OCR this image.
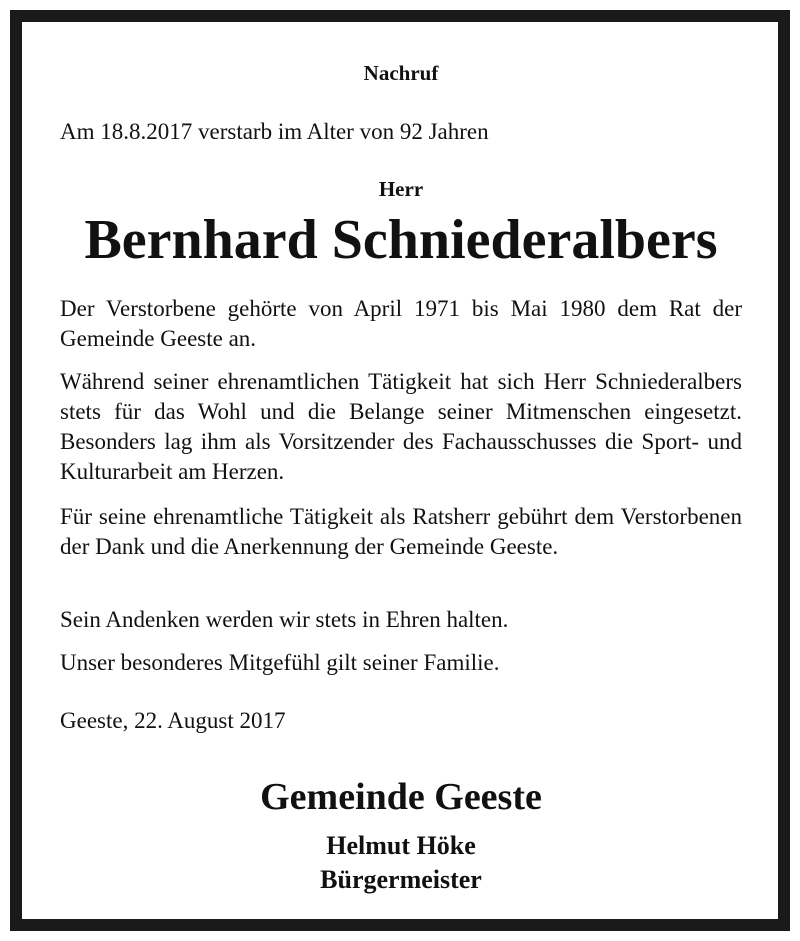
Nachruf
Am 18.8.2017 verstarb im Alter von 92 Jahren
Herr
Bernhard Schniederalbers

Der Verstorbene gehörte von April 1971 bis Mai 1980 dem Rat der Gemeinde Geeste an.

Während seiner ehrenamtlichen Tätigkeit hat sich Herr Schniederalbers stets für das Wohl und die Belange seiner Mitmenschen eingesetzt. Besonders lag ihm als Vorsitzender des Fachausschusses die Sport- und Kulturarbeit am Herzen.

Für seine ehrenamtliche Tätigkeit als Ratsherr gebührt dem Verstorbenen der Dank und die Anerkennung der Gemeinde Geeste.

Sein Andenken werden wir stets in Ehren halten.

Unser besonderes Mitgefühl gilt seiner Familie.

Geeste, 22. August 2017
Gemeinde Geeste
Helmut Höke
Bürgermeister
